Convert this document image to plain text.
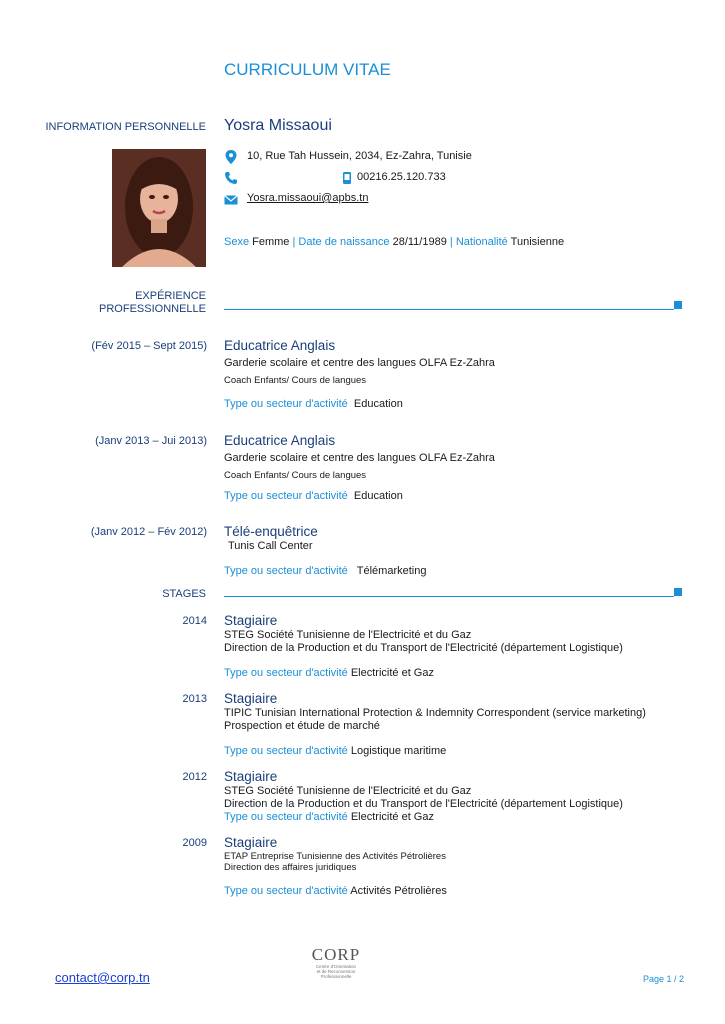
CURRICULUM VITAE
INFORMATION PERSONNELLE Yosra Missaoui
10, Rue Tah Hussein, 2034, Ez-Zahra, Tunisie
00216.25.120.733
Yosra.missaoui@apbs.tn
Sexe Femme | Date de naissance 28/11/1989 | Nationalité Tunisienne
EXPÉRIENCE
PROFESSIONNELLE
(Fév 2015 – Sept 2015) Educatrice Anglais
Garderie scolaire et centre des langues OLFA Ez-Zahra
Coach Enfants/ Cours de langues
Type ou secteur d'activité Education
(Janv 2013 – Jui 2013) Educatrice Anglais
Garderie scolaire et centre des langues OLFA Ez-Zahra
Coach Enfants/ Cours de langues
Type ou secteur d'activité Education
(Janv 2012 – Fév 2012) Télé-enquêtrice
Tunis Call Center
Type ou secteur d'activité Télémarketing
STAGES
2014 Stagiaire
STEG Société Tunisienne de l'Electricité et du Gaz
Direction de la Production et du Transport de l'Electricité (département Logistique)
Type ou secteur d'activité Electricité et Gaz
2013 Stagiaire
TIPIC Tunisian International Protection & Indemnity Correspondent (service marketing)
Prospection et étude de marché
Type ou secteur d'activité Logistique maritime
2012 Stagiaire
STEG Société Tunisienne de l'Electricité et du Gaz
Direction de la Production et du Transport de l'Electricité (département Logistique)
Type ou secteur d'activité Electricité et Gaz
2009 Stagiaire
ETAP Entreprise Tunisienne des Activités Pétrolières
Direction des affaires juridiques
Type ou secteur d'activité Activités Pétrolières
contact@corp.tn
CORP
Centre d'Orientation
et de Reconversion
Professionnelle	Page 1 / 2
